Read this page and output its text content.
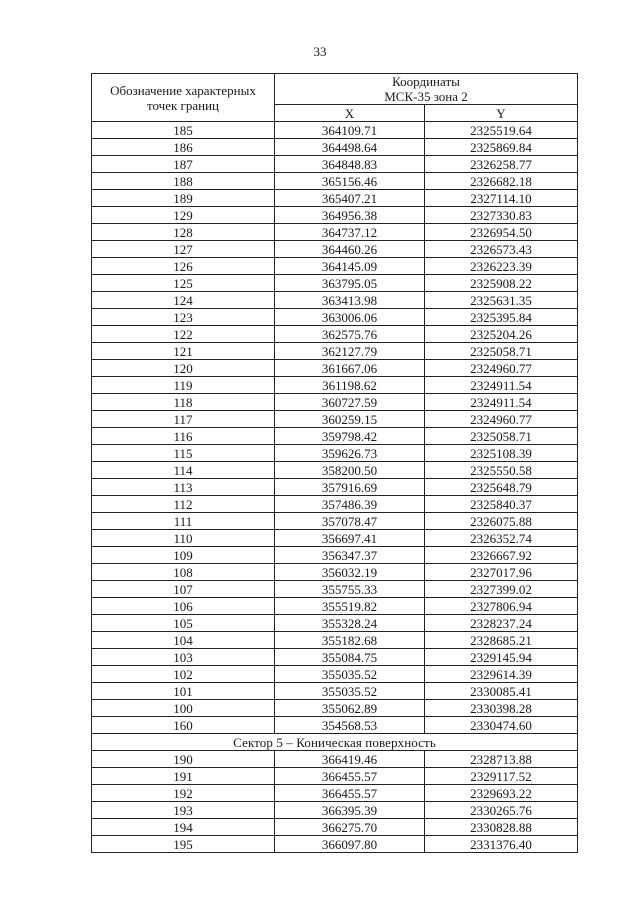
33
Обозначение характерных
точек границ	Координаты
МСК-35 зона 2	
	X	Y
185	364109.71	2325519.64
186	364498.64	2325869.84
187	364848.83	2326258.77
188	365156.46	2326682.18
189	365407.21	2327114.10
129	364956.38	2327330.83
128	364737.12	2326954.50
127	364460.26	2326573.43
126	364145.09	2326223.39
125	363795.05	2325908.22
124	363413.98	2325631.35
123	363006.06	2325395.84
122	362575.76	2325204.26
121	362127.79	2325058.71
120	361667.06	2324960.77
119	361198.62	2324911.54
118	360727.59	2324911.54
117	360259.15	2324960.77
116	359798.42	2325058.71
115	359626.73	2325108.39
114	358200.50	2325550.58
113	357916.69	2325648.79
112	357486.39	2325840.37
111	357078.47	2326075.88
110	356697.41	2326352.74
109	356347.37	2326667.92
108	356032.19	2327017.96
107	355755.33	2327399.02
106	355519.82	2327806.94
105	355328.24	2328237.24
104	355182.68	2328685.21
103	355084.75	2329145.94
102	355035.52	2329614.39
101	355035.52	2330085.41
100	355062.89	2330398.28
160	354568.53	2330474.60
Сектор 5 – Коническая поверхность		
190	366419.46	2328713.88
191	366455.57	2329117.52
192	366455.57	2329693.22
193	366395.39	2330265.76
194	366275.70	2330828.88
195	366097.80	2331376.40
